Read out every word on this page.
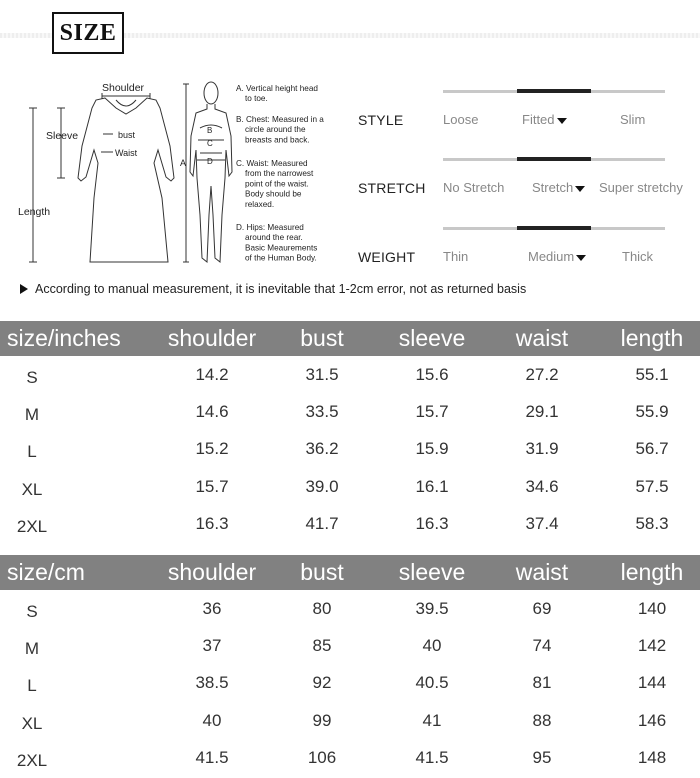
SIZE
Shoulder
Sleeve
Length
bust
Waist
A
B
C
D
A. Vertical height head
to toe.
B. Chest: Measured in a
circle around the
breasts and back.
C. Waist: Measured
from the narrowest
point of the waist.
Body should be
relaxed.
D. Hips: Measured
around the rear.
Basic Meaurements
of the Human Body.
STYLE	Loose	Fitted	Slim
STRETCH No Stretch Stretch	Super stretchy
WEIGHT Thin	Medium	Thick
According to manual measurement, it is inevitable that 1-2cm error, not as returned basis
size/inches	shoulder	bust	sleeve	waist	length
S	14.2	31.5	15.6	27.2	55.1
M	14.6	33.5	15.7	29.1	55.9
L	15.2	36.2	15.9	31.9	56.7
XL	15.7	39.0	16.1	34.6	57.5
2XL	16.3	41.7	16.3	37.4	58.3
size/cm	shoulder	bust	sleeve	waist	length
S	36	80	39.5	69	140
M	37	85	40	74	142
L	38.5	92	40.5	81	144
XL	40	99	41	88	146
2XL	41.5	106	41.5	95	148
